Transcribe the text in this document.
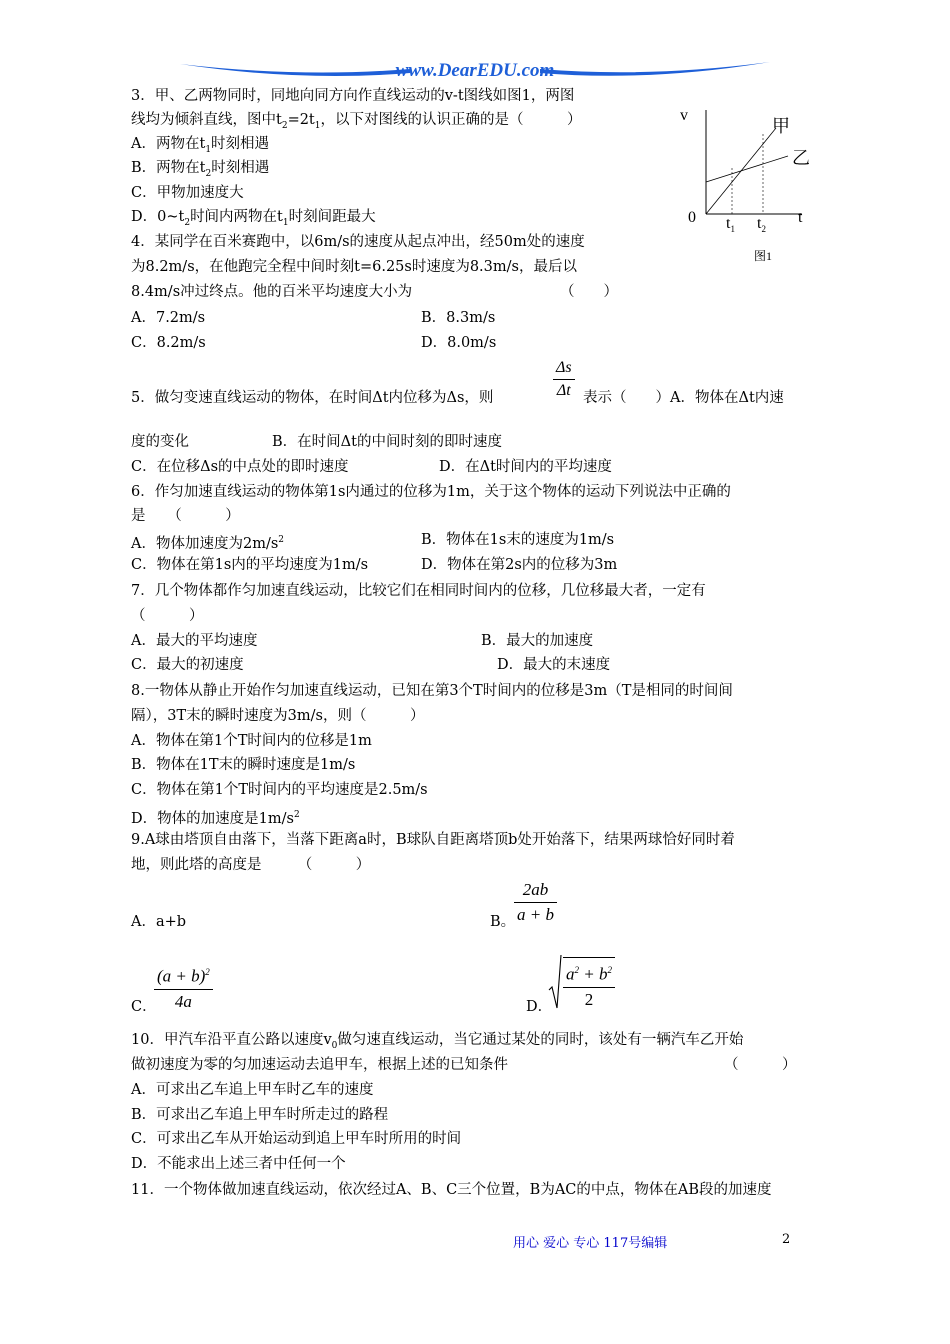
www.DearEDU.com
3．甲、乙两物同时，同地向同方向作直线运动的v-t图线如图1，两图
线均为倾斜直线，图中$t_2=2t_1$，以下对图线的认识正确的是（　　　）
A．两物在$t_1$时刻相遇
B．两物在$t_2$时刻相遇
C．甲物加速度大
D．$0\sim t_2$时间内两物在$t_1$时刻间距最大
v
甲
乙
0 $t_1$ $t_2$
t
图1
4．某同学在百米赛跑中，以6m/s的速度从起点冲出，经50m处的速度
为8.2m/s，在他跑完全程中间时刻t=6.25s时速度为8.3m/s，最后以
8.4m/s冲过终点。他的百米平均速度大小为	（　　）
A．7.2m/s	B．8.3m/s
C．8.2m/s	D．8.0m/s
$\frac{\Delta s}{\Delta t}$
5．做匀变速直线运动的物体，在时间Δt内位移为Δs，则	表示（　　）A．物体在Δt内速
度的变化	B．在时间Δt的中间时刻的即时速度
C．在位移Δs的中点处的即时速度	D．在Δt时间内的平均速度
6．作匀加速直线运动的物体第1s内通过的位移为1m，关于这个物体的运动下列说法中正确的
是　　（　　　）
A．物体加速度为$2m/s^2$	B．物体在1s末的速度为1m/s
C．物体在第1s内的平均速度为1m/s	D．物体在第2s内的位移为3m
7．几个物体都作匀加速直线运动，比较它们在相同时间内的位移，几位移最大者，一定有
（　　　）
A．最大的平均速度	B．最大的加速度
C．最大的初速度	D．最大的末速度
8.一物体从静止开始作匀加速直线运动，已知在第3个T时间内的位移是3m（T是相同的时间间
隔），3T末的瞬时速度为3m/s，则（　　　）
A．物体在第1个T时间内的位移是1m
B．物体在1T末的瞬时速度是1m/s
C．物体在第1个T时间内的平均速度是2.5m/s
D．物体的加速度是$1m/s^2$
9.A球由塔顶自由落下，当落下距离a时，B球队自距离塔顶b处开始落下，结果两球恰好同时着
地，则此塔的高度是　　　（　　　）
A．a+b	B。
$\frac{2ab}{a + b}$
C．
$\frac{(a + b)^2}{4a}$	D． $\frac{a^2 + b^2}{2}$
10．甲汽车沿平直公路以速度$v_0$做匀速直线运动，当它通过某处的同时，该处有一辆汽车乙开始
做初速度为零的匀加速运动去追甲车，根据上述的已知条件	（　　　）
A．可求出乙车追上甲车时乙车的速度
B．可求出乙车追上甲车时所走过的路程
C．可求出乙车从开始运动到追上甲车时所用的时间
D．不能求出上述三者中任何一个
11．一个物体做加速直线运动，依次经过A、B、C三个位置，B为AC的中点，物体在AB段的加速度
用心 爱心 专心 117号编辑	2
